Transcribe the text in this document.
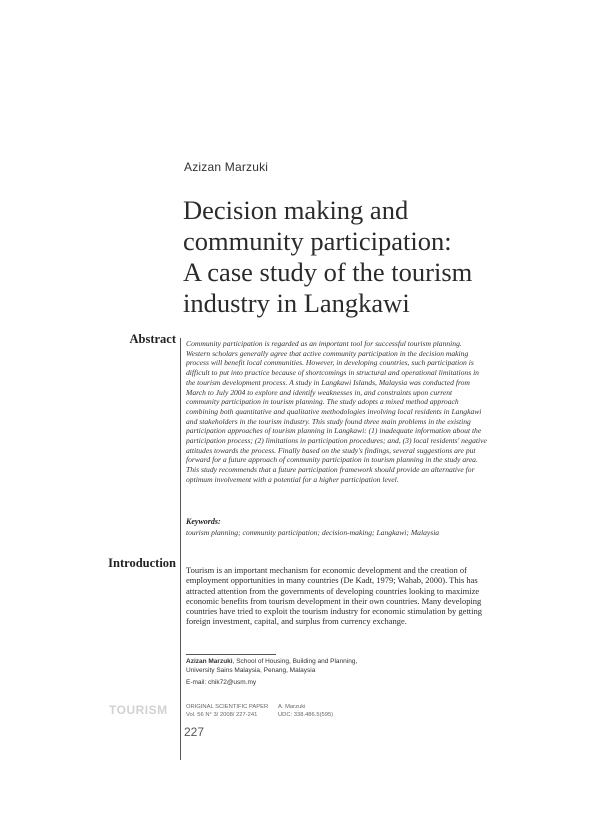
Azizan Marzuki
Decision making and
community participation:
A case study of the tourism
industry in Langkawi
Abstract Community participation is regarded as an important tool for successful tourism planning.
Western scholars generally agree that active community participation in the decision making
process will benefit local communities. However, in developing countries, such participation is
difficult to put into practice because of shortcomings in structural and operational limitations in
the tourism development process. A study in Langkawi Islands, Malaysia was conducted from
March to July 2004 to explore and identify weaknesses in, and constraints upon current
community participation in tourism planning. The study adopts a mixed method approach
combining both quantitative and qualitative methodologies involving local residents in Langkawi
and stakeholders in the tourism industry. This study found three main problems in the existing
participation approaches of tourism planning in Langkawi: (1) inadequate information about the
participation process; (2) limitations in participation procedures; and, (3) local residents' negative
attitudes towards the process. Finally based on the study's findings, several suggestions are put
forward for a future approach of community participation in tourism planning in the study area.
This study recommends that a future participation framework should provide an alternative for
optimum involvement with a potential for a higher participation level.
Keywords:
tourism planning; community participation; decision-making; Langkawi; Malaysia
Introduction Tourism is an important mechanism for economic development and the creation of
employment opportunities in many countries (De Kadt, 1979; Wahab, 2000). This has
attracted attention from the governments of developing countries looking to maximize
economic benefits from tourism development in their own countries. Many developing
countries have tried to exploit the tourism industry for economic stimulation by getting
foreign investment, capital, and surplus from currency exchange.
Azizan Marzuki, School of Housing, Building and Planning,
University Sains Malaysia, Penang, Malaysia
E-mail: chik72@usm.my
TOURISM	ORIGINAL SCIENTIFIC PAPER
Vol. 56 N° 3/ 2008/ 227-241
A. Marzuki
UDC: 338.486.5(595)
227
